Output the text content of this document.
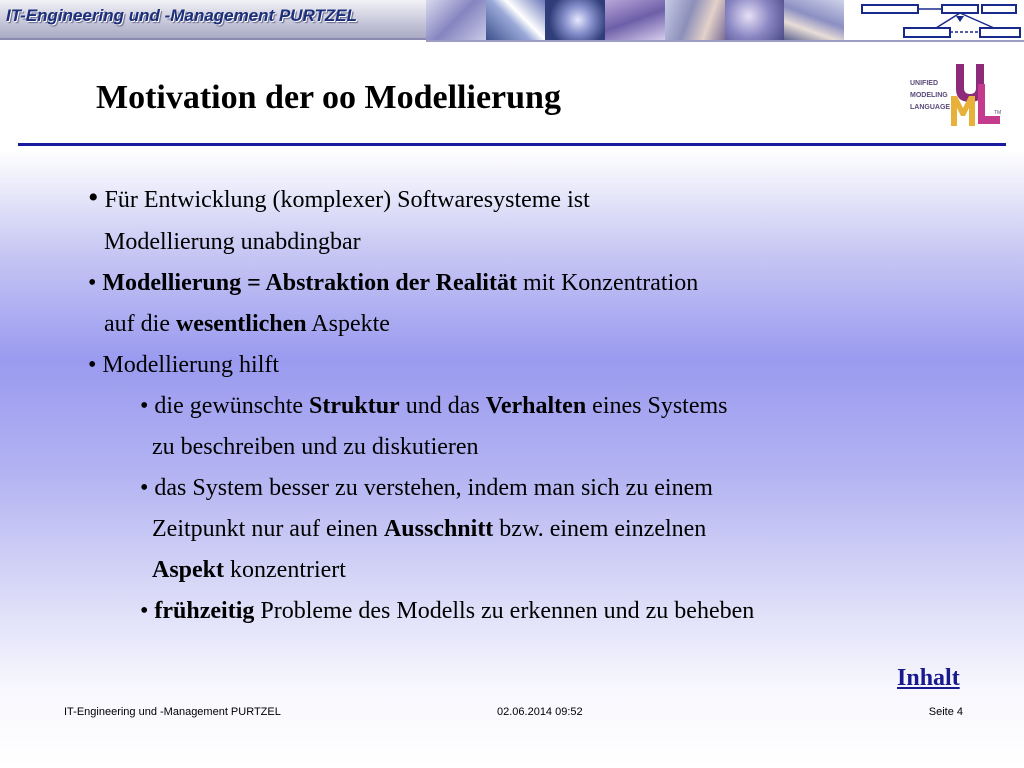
IT-Engineering und -Management PURTZEL
Motivation der oo Modellierung	UNIFIED
MODELING
LANGUAGE
TM
• Für Entwicklung (komplexer) Softwaresysteme ist
Modellierung unabdingbar
• Modellierung = Abstraktion der Realität mit Konzentration
auf die wesentlichen Aspekte
• Modellierung hilft
• die gewünschte Struktur und das Verhalten eines Systems
zu beschreiben und zu diskutieren
• das System besser zu verstehen, indem man sich zu einem
Zeitpunkt nur auf einen Ausschnitt bzw. einem einzelnen
Aspekt konzentriert
• frühzeitig Probleme des Modells zu erkennen und zu beheben
Inhalt
IT-Engineering und -Management PURTZEL	02.06.2014 09:52	Seite 4
